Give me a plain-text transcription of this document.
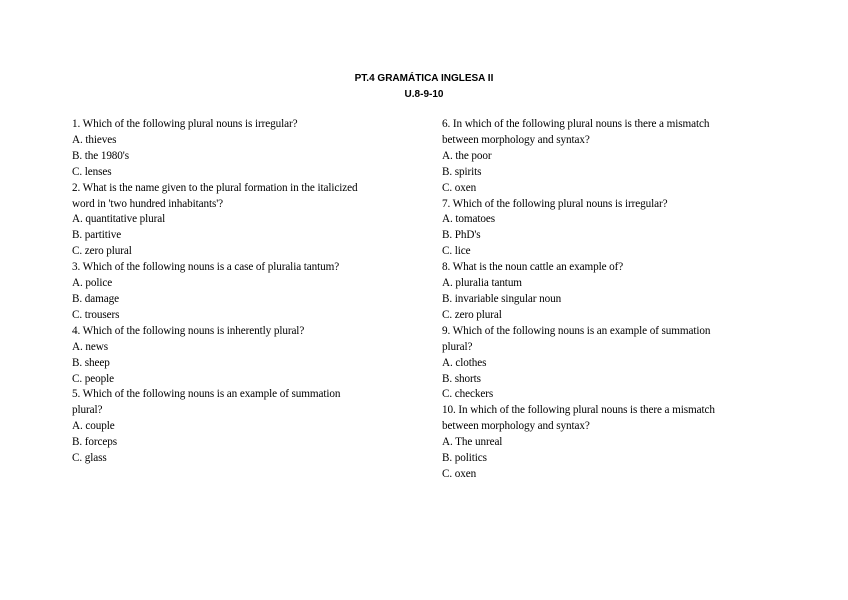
PT.4 GRAMÁTICA INGLESA II
U.8-9-10
1. Which of the following plural nouns is irregular?
A. thieves
B. the 1980's
C. lenses
2. What is the name given to the plural formation in the italicized
word in 'two hundred inhabitants'?
A. quantitative plural
B. partitive
C. zero plural
3. Which of the following nouns is a case of pluralia tantum?
A. police
B. damage
C. trousers
4. Which of the following nouns is inherently plural?
A. news
B. sheep
C. people
5. Which of the following nouns is an example of summation
plural?
A. couple
B. forceps
C. glass
6. In which of the following plural nouns is there a mismatch
between morphology and syntax?
A. the poor
B. spirits
C. oxen
7. Which of the following plural nouns is irregular?
A. tomatoes
B. PhD's
C. lice
8. What is the noun cattle an example of?
A. pluralia tantum
B. invariable singular noun
C. zero plural
9. Which of the following nouns is an example of summation
plural?
A. clothes
B. shorts
C. checkers
10. In which of the following plural nouns is there a mismatch
between morphology and syntax?
A. The unreal
B. politics
C. oxen
